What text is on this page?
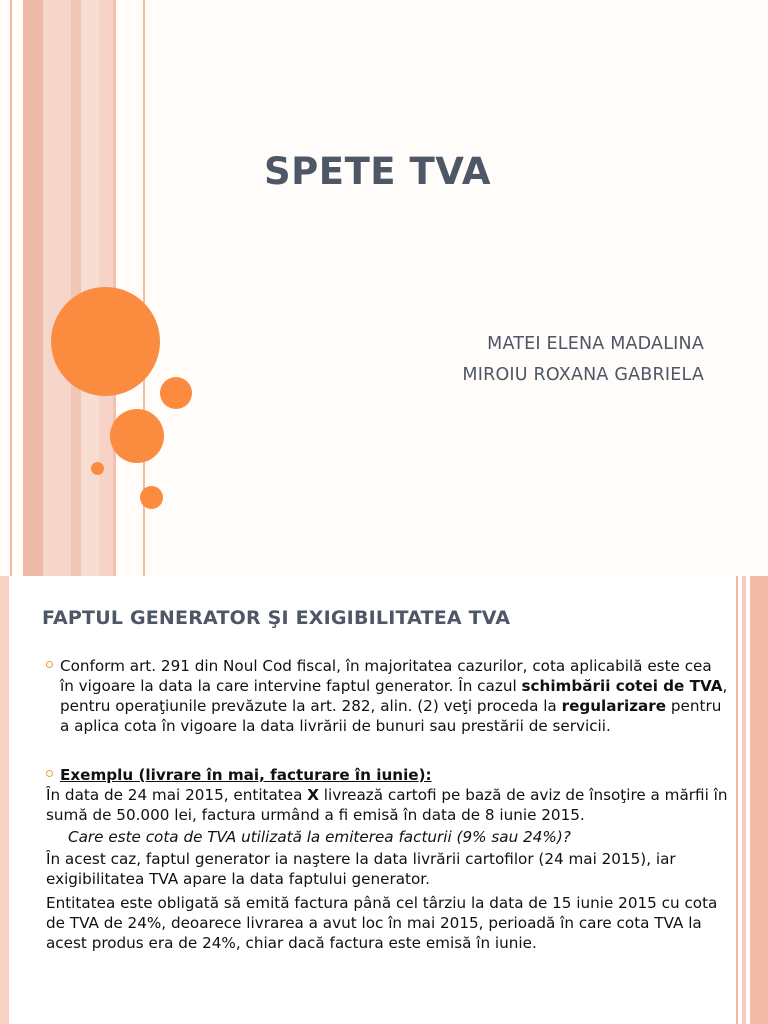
SPETE TVA
MATEI ELENA MADALINA
MIROIU ROXANA GABRIELA
FAPTUL GENERATOR ŞI EXIGIBILITATEA TVA
Conform art. 291 din Noul Cod fiscal, în majoritatea cazurilor, cota aplicabilă este cea în vigoare la data la care intervine faptul generator. În cazul schimbării cotei de TVA, pentru operaţiunile prevăzute la art. 282, alin. (2) veţi proceda la regularizare pentru a aplica cota în vigoare la data livrării de bunuri sau prestării de servicii.
Exemplu (livrare în mai, facturare în iunie):

În data de 24 mai 2015, entitatea X livrează cartofi pe bază de aviz de însoţire a mărfii în sumă de 50.000 lei, factura urmând a fi emisă în data de 8 iunie 2015.

Care este cota de TVA utilizată la emiterea facturii (9% sau 24%)?

În acest caz, faptul generator ia naştere la data livrării cartofilor (24 mai 2015), iar exigibilitatea TVA apare la data faptului generator.

Entitatea este obligată să emită factura până cel târziu la data de 15 iunie 2015 cu cota de TVA de 24%, deoarece livrarea a avut loc în mai 2015, perioadă în care cota TVA la acest produs era de 24%, chiar dacă factura este emisă în iunie.
